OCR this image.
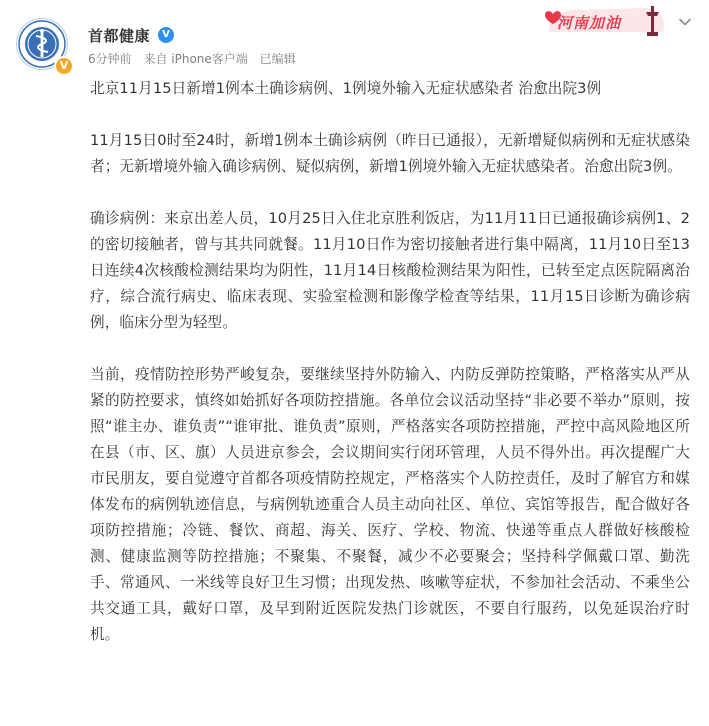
V
首都健康	V
6分钟前 来自 iPhone客户端 已编辑
河南加油

北京11月15日新增1例本土确诊病例、1例境外输入无症状感染者 治愈出院3例

11月15日0时至24时，新增1例本土确诊病例（昨日已通报），无新增疑似病例和无症状感染者；无新增境外输入确诊病例、疑似病例，新增1例境外输入无症状感染者。治愈出院3例。

确诊病例：来京出差人员，10月25日入住北京胜利饭店，为11月11日已通报确诊病例1、2的密切接触者，曾与其共同就餐。11月10日作为密切接触者进行集中隔离，11月10日至13日连续4次核酸检测结果均为阴性，11月14日核酸检测结果为阳性，已转至定点医院隔离治疗，综合流行病史、临床表现、实验室检测和影像学检查等结果，11月15日诊断为确诊病例，临床分型为轻型。

当前，疫情防控形势严峻复杂，要继续坚持外防输入、内防反弹防控策略，严格落实从严从紧的防控要求，慎终如始抓好各项防控措施。各单位会议活动坚持“非必要不举办”原则，按照“谁主办、谁负责”“谁审批、谁负责”原则，严格落实各项防控措施，严控中高风险地区所在县（市、区、旗）人员进京参会，会议期间实行闭环管理，人员不得外出。再次提醒广大市民朋友，要自觉遵守首都各项疫情防控规定，严格落实个人防控责任，及时了解官方和媒体发布的病例轨迹信息，与病例轨迹重合人员主动向社区、单位、宾馆等报告，配合做好各项防控措施；冷链、餐饮、商超、海关、医疗、学校、物流、快递等重点人群做好核酸检测、健康监测等防控措施；不聚集、不聚餐，减少不必要聚会；坚持科学佩戴口罩、勤洗手、常通风、一米线等良好卫生习惯；出现发热、咳嗽等症状，不参加社会活动、不乘坐公共交通工具，戴好口罩，及早到附近医院发热门诊就医，不要自行服药，以免延误治疗时机。
